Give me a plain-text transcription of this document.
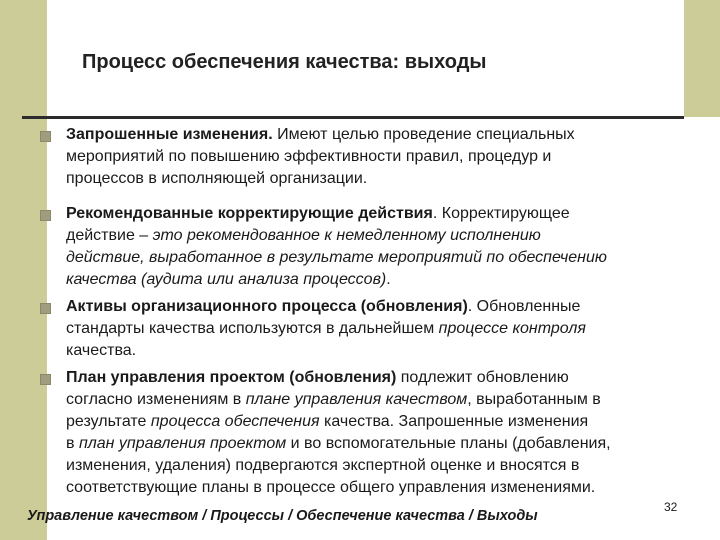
Процесс обеспечения качества: выходы
Запрошенные изменения. Имеют целью проведение специальных
мероприятий по повышению эффективности правил, процедур и
процессов в исполняющей организации.
Рекомендованные корректирующие действия. Корректирующее
действие – это рекомендованное к немедленному исполнению
действие, выработанное в результате мероприятий по обеспечению
качества (аудита или анализа процессов).
Активы организационного процесса (обновления). Обновленные
стандарты качества используются в дальнейшем процессе контроля
качества.
План управления проектом (обновления) подлежит обновлению
согласно изменениям в плане управления качеством, выработанным в
результате процесса обеспечения качества. Запрошенные изменения
в план управления проектом и во вспомогательные планы (добавления,
изменения, удаления) подвергаются экспертной оценке и вносятся в
соответствующие планы в процессе общего управления изменениями.
Управление качеством / Процессы / Обеспечение качества / Выходы
32
